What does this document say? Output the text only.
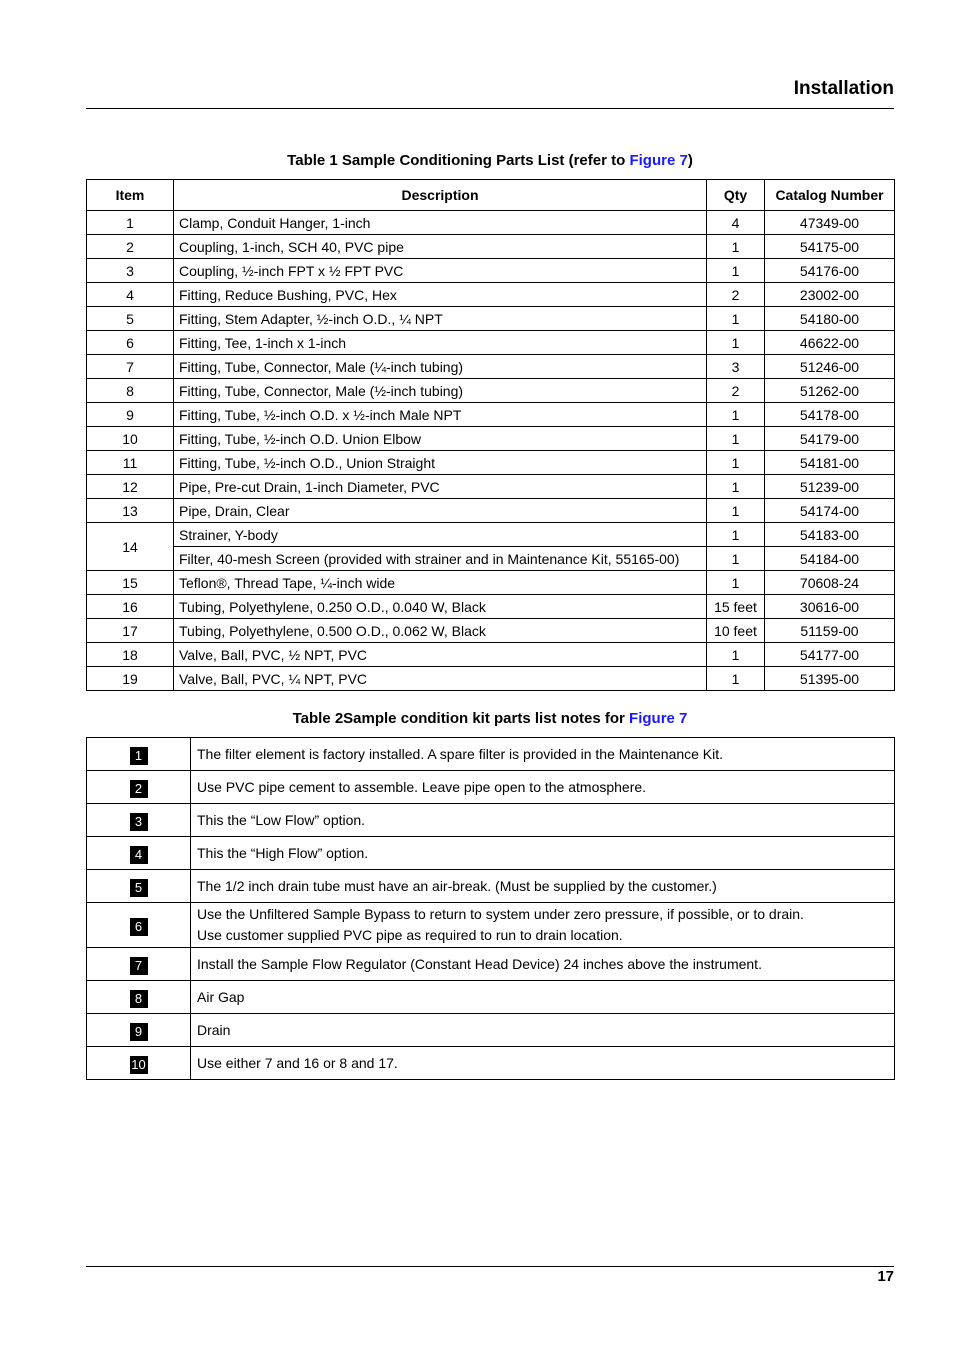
Installation
Table 1 Sample Conditioning Parts List (refer to Figure 7)
Item	Description	Qty	Catalog Number
1	Clamp, Conduit Hanger, 1-inch	4	47349-00
2	Coupling, 1-inch, SCH 40, PVC pipe	1	54175-00
3	Coupling, ½-inch FPT x ½ FPT PVC	1	54176-00
4	Fitting, Reduce Bushing, PVC, Hex	2	23002-00
5	Fitting, Stem Adapter, ½-inch O.D., ¼ NPT	1	54180-00
6	Fitting, Tee, 1-inch x 1-inch	1	46622-00
7	Fitting, Tube, Connector, Male (¼-inch tubing)	3	51246-00
8	Fitting, Tube, Connector, Male (½-inch tubing)	2	51262-00
9	Fitting, Tube, ½-inch O.D. x ½-inch Male NPT	1	54178-00
10	Fitting, Tube, ½-inch O.D. Union Elbow	1	54179-00
11	Fitting, Tube, ½-inch O.D., Union Straight	1	54181-00
12	Pipe, Pre-cut Drain, 1-inch Diameter, PVC	1	51239-00
13	Pipe, Drain, Clear	1	54174-00
14	Strainer, Y-body	1	54183-00
	Filter, 40-mesh Screen (provided with strainer and in Maintenance Kit, 55165-00)	1	54184-00
15	Teflon®, Thread Tape, ¼-inch wide	1	70608-24
16	Tubing, Polyethylene, 0.250 O.D., 0.040 W, Black	15 feet	30616-00
17	Tubing, Polyethylene, 0.500 O.D., 0.062 W, Black	10 feet	51159-00
18	Valve, Ball, PVC, ½ NPT, PVC	1	54177-00
19	Valve, Ball, PVC, ¼ NPT, PVC	1	51395-00
Table 2Sample condition kit parts list notes for Figure 7
1	The filter element is factory installed. A spare filter is provided in the Maintenance Kit.
2	Use PVC pipe cement to assemble. Leave pipe open to the atmosphere.
3	This the “Low Flow” option.
4	This the “High Flow” option.
5	The 1/2 inch drain tube must have an air-break. (Must be supplied by the customer.)
6	Use the Unfiltered Sample Bypass to return to system under zero pressure, if possible, or to drain.
Use customer supplied PVC pipe as required to run to drain location.

7	Install the Sample Flow Regulator (Constant Head Device) 24 inches above the instrument.
8	Air Gap
9	Drain
10	Use either 7 and 16 or 8 and 17.
17
